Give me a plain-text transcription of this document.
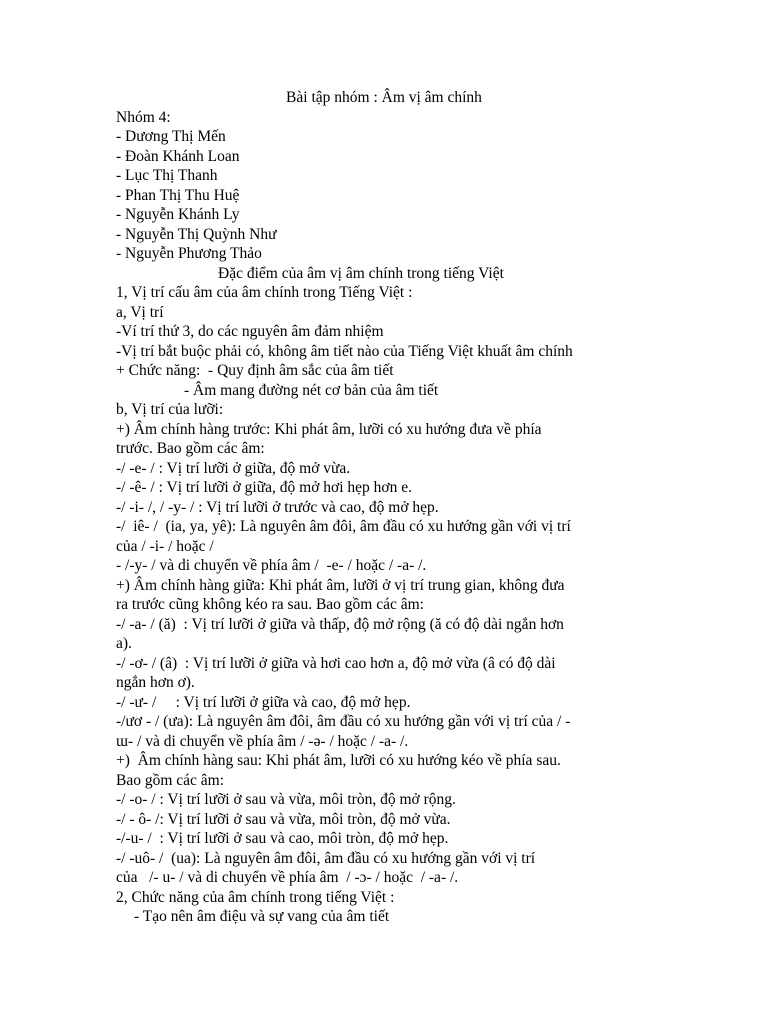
Bài tập nhóm : Âm vị âm chính

Nhóm 4:

- Dương Thị Mến

- Đoàn Khánh Loan

- Lục Thị Thanh

- Phan Thị Thu Huệ

- Nguyễn Khánh Ly

- Nguyễn Thị Quỳnh Như

- Nguyễn Phương Thảo

Đặc điểm của âm vị âm chính trong tiếng Việt

1, Vị trí cấu âm của âm chính trong Tiếng Việt :

a, Vị trí

-Ví trí thứ 3, do các nguyên âm đảm nhiệm

-Vị trí bắt buộc phải có, không âm tiết nào của Tiếng Việt khuất âm chính

+ Chức năng:  - Quy định âm sắc của âm tiết

- Âm mang đường nét cơ bản của âm tiết

b, Vị trí của lưỡi:

+) Âm chính hàng trước: Khi phát âm, lưỡi có xu hướng đưa về phía

trước. Bao gồm các âm:

-/ -e- / : Vị trí lưỡi ở giữa, độ mở vừa.

-/ -ê- / : Vị trí lưỡi ở giữa, độ mở hơi hẹp hơn e.

-/ -i- /, / -y- / : Vị trí lưỡi ở trước và cao, độ mở hẹp.

-/  iê- /  (ia, ya, yê): Là nguyên âm đôi, âm đầu có xu hướng gần với vị trí

của / -i- / hoặc /

- /-y- / và di chuyển về phía âm /  -e- / hoặc / -a- /.

+) Âm chính hàng giữa: Khi phát âm, lưỡi ở vị trí trung gian, không đưa

ra trước cũng không kéo ra sau. Bao gồm các âm:

-/ -a- / (ă)  : Vị trí lưỡi ở giữa và thấp, độ mở rộng (ă có độ dài ngắn hơn

a).

-/ -ơ- / (â)  : Vị trí lưỡi ở giữa và hơi cao hơn a, độ mở vừa (â có độ dài

ngắn hơn ơ).

-/ -ư- /     : Vị trí lưỡi ở giữa và cao, độ mở hẹp.

-/ươ - / (ưa): Là nguyên âm đôi, âm đầu có xu hướng gần với vị trí của / -

ɯ- / và di chuyển về phía âm / -ə- / hoặc / -a- /.

+)  Âm chính hàng sau: Khi phát âm, lưỡi có xu hướng kéo về phía sau.

Bao gồm các âm:

-/ -o- / : Vị trí lưỡi ở sau và vừa, môi tròn, độ mở rộng.

-/ - ô- /: Vị trí lưỡi ở sau và vừa, môi tròn, độ mở vừa.

-/-u- /  : Vị trí lưỡi ở sau và cao, môi tròn, độ mở hẹp.

-/ -uô- /  (ua): Là nguyên âm đôi, âm đầu có xu hướng gần với vị trí

của   /- u- / và di chuyển về phía âm  / -ɔ- / hoặc  / -a- /.

2, Chức năng của âm chính trong tiếng Việt :

- Tạo nên âm điệu và sự vang của âm tiết
